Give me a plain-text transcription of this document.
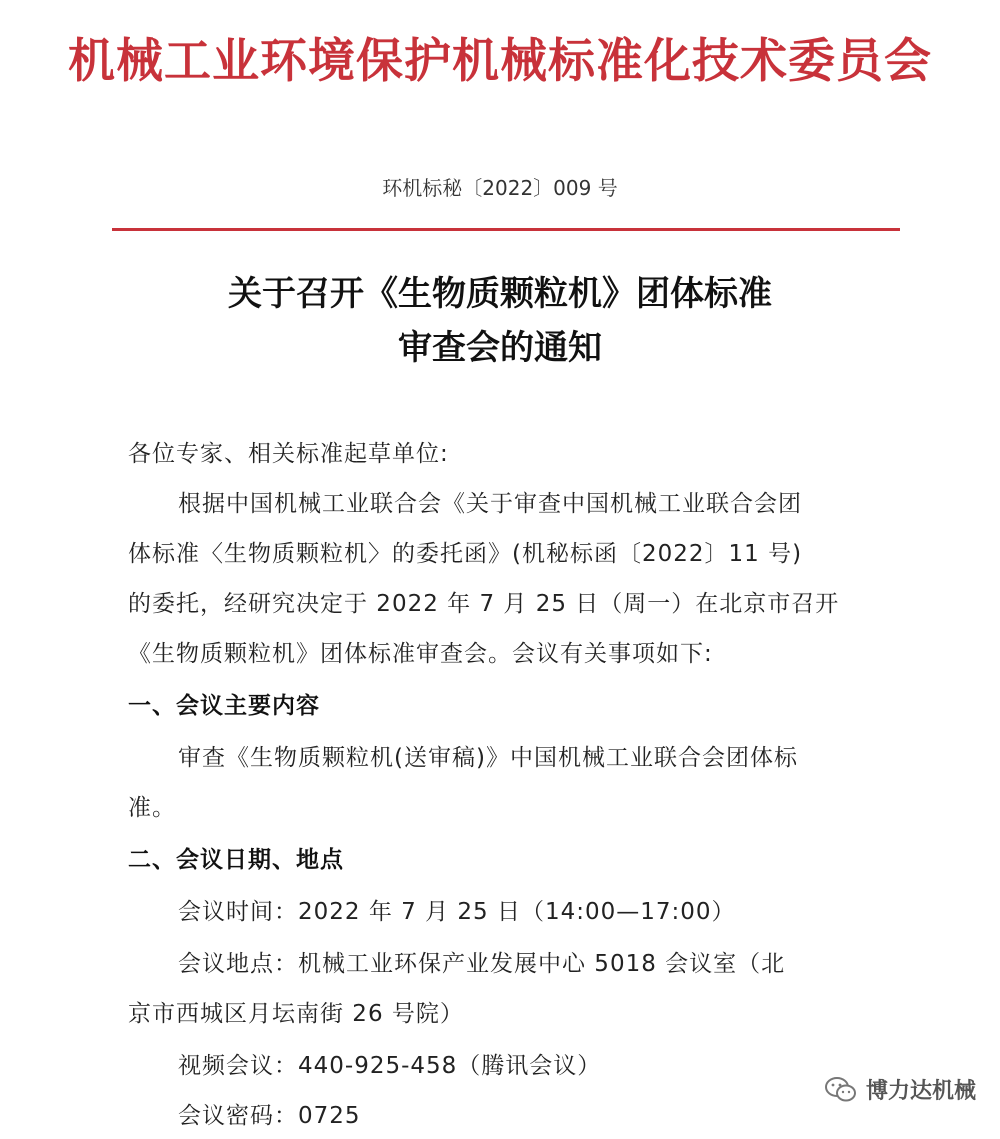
机械工业环境保护机械标准化技术委员会
环机标秘〔2022〕009 号
关于召开《生物质颗粒机》团体标准
审查会的通知
各位专家、相关标准起草单位:
根据中国机械工业联合会《关于审查中国机械工业联合会团
体标准〈生物质颗粒机〉的委托函》(机秘标函〔2022〕11 号)
的委托，经研究决定于 2022 年 7 月 25 日（周一）在北京市召开
《生物质颗粒机》团体标准审查会。会议有关事项如下:
一、会议主要内容
审查《生物质颗粒机(送审稿)》中国机械工业联合会团体标
准。
二、会议日期、地点
会议时间：2022 年 7 月 25 日（14:00—17:00）
会议地点：机械工业环保产业发展中心 5018 会议室（北
京市西城区月坛南街 26 号院）
视频会议：440-925-458（腾讯会议）
会议密码：0725
博力达机械
